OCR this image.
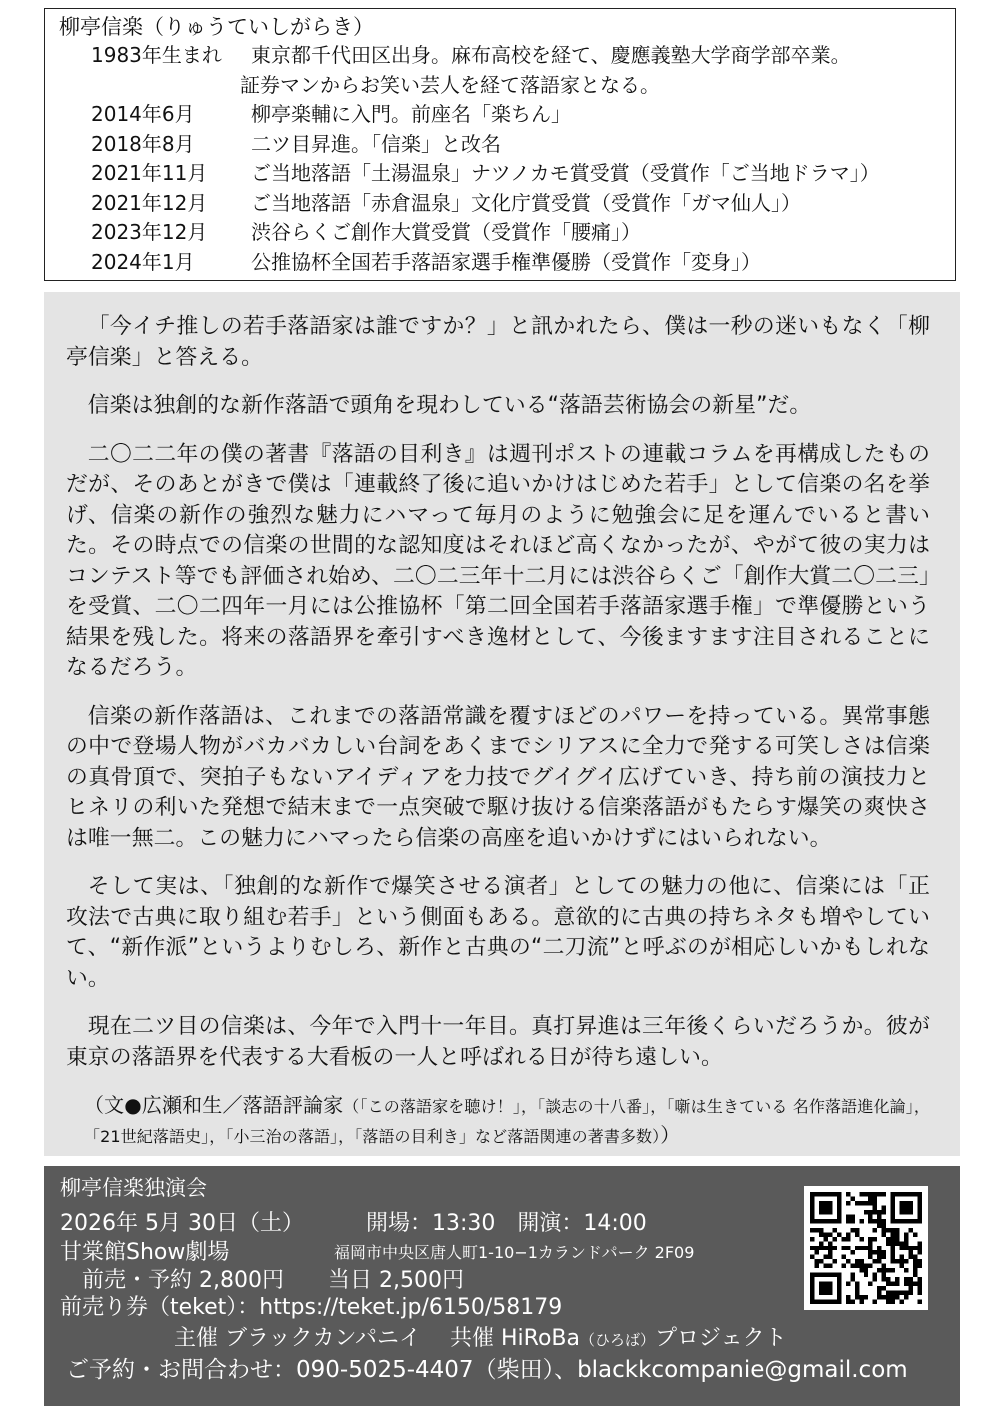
柳亭信楽（りゅうていしがらき）
1983年生まれ 東京都千代田区出身。麻布高校を経て、慶應義塾大学商学部卒業。
証券マンからお笑い芸人を経て落語家となる。
2014年6月	柳亭楽輔に入門。前座名「楽ちん」
2018年8月	二ツ目昇進。「信楽」と改名
2021年11月 ご当地落語「土湯温泉」ナツノカモ賞受賞（受賞作「ご当地ドラマ」）
2021年12月 ご当地落語「赤倉温泉」文化庁賞受賞（受賞作「ガマ仙人」）
2023年12月 渋谷らくご創作大賞受賞（受賞作「腰痛」）
2024年1月	公推協杯全国若手落語家選手権準優勝（受賞作「変身」）

「今イチ推しの若手落語家は誰ですか？」と訊かれたら、僕は一秒の迷いもなく「柳亭信楽」と答える。

信楽は独創的な新作落語で頭角を現わしている“落語芸術協会の新星”だ。

二〇二二年の僕の著書『落語の目利き』は週刊ポストの連載コラムを再構成したものだが、そのあとがきで僕は「連載終了後に追いかけはじめた若手」として信楽の名を挙げ、信楽の新作の強烈な魅力にハマって毎月のように勉強会に足を運んでいると書いた。その時点での信楽の世間的な認知度はそれほど高くなかったが、やがて彼の実力はコンテスト等でも評価され始め、二〇二三年十二月には渋谷らくご「創作大賞二〇二三」を受賞、二〇二四年一月には公推協杯「第二回全国若手落語家選手権」で準優勝という結果を残した。将来の落語界を牽引すべき逸材として、今後ますます注目されることになるだろう。

信楽の新作落語は、これまでの落語常識を覆すほどのパワーを持っている。異常事態の中で登場人物がバカバカしい台詞をあくまでシリアスに全力で発する可笑しさは信楽の真骨頂で、突拍子もないアイディアを力技でグイグイ広げていき、持ち前の演技力とヒネリの利いた発想で結末まで一点突破で駆け抜ける信楽落語がもたらす爆笑の爽快さは唯一無二。この魅力にハマったら信楽の高座を追いかけずにはいられない。

そして実は、「独創的な新作で爆笑させる演者」としての魅力の他に、信楽には「正攻法で古典に取り組む若手」という側面もある。意欲的に古典の持ちネタも増やしていて、“新作派”というよりむしろ、新作と古典の“二刀流”と呼ぶのが相応しいかもしれない。

現在二ツ目の信楽は、今年で入門十一年目。真打昇進は三年後くらいだろうか。彼が東京の落語界を代表する大看板の一人と呼ばれる日が待ち遠しい。

（文●広瀬和生／落語評論家（「この落語家を聴け！」，「談志の十八番」，「噺は生きている 名作落語進化論」，「21世紀落語史」，「小三治の落語」，「落語の目利き」など落語関連の著書多数））

柳亭信楽独演会
2026年 5月 30日（土）	開場：13:30　開演：14:00
甘棠館Show劇場	福岡市中央区唐人町1-10−1カランドパーク 2F09
前売・予約 2,800円　　当日 2,500円
前売り券（teket）：https://teket.jp/6150/58179
主催 ブラックカンパニイ　 共催 HiRoBa（ひろば）プロジェクト
ご予約・お問合わせ：090-5025-4407（柴田）、blackkcompanie@gmail.com
